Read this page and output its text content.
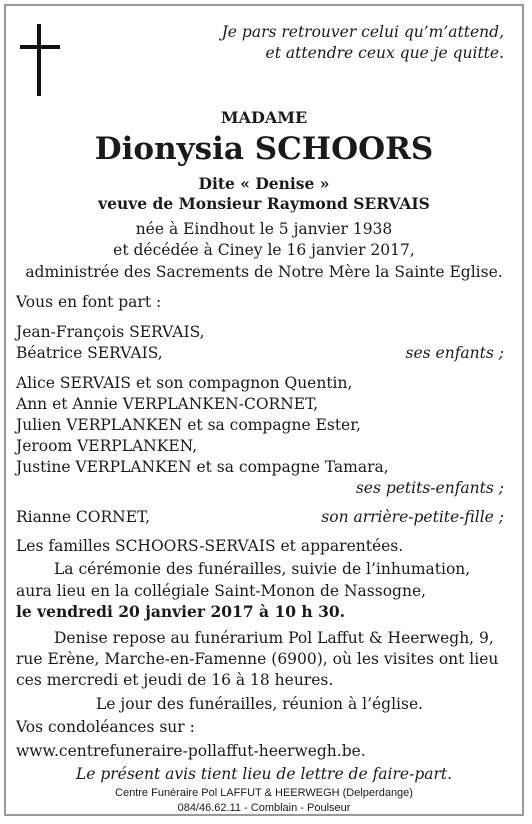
Je pars retrouver celui qu’m’attend,
et attendre ceux que je quitte.
MADAME
Dionysia SCHOORS
Dite « Denise »
veuve de Monsieur Raymond SERVAIS
née à Eindhout le 5 janvier 1938
et décédée à Ciney le 16 janvier 2017,
administrée des Sacrements de Notre Mère la Sainte Eglise.
Vous en font part :
Jean-François SERVAIS,
Béatrice SERVAIS,	ses enfants ;
Alice SERVAIS et son compagnon Quentin,
Ann et Annie VERPLANKEN-CORNET,
Julien VERPLANKEN et sa compagne Ester,
Jeroom VERPLANKEN,
Justine VERPLANKEN et sa compagne Tamara,
ses petits-enfants ;
Rianne CORNET,	son arrière-petite-fille ;
Les familles SCHOORS-SERVAIS et apparentées.
La cérémonie des funérailles, suivie de l’inhumation,
aura lieu en la collégiale Saint-Monon de Nassogne,
le vendredi 20 janvier 2017 à 10 h 30.
Denise repose au funérarium Pol Laffut & Heerwegh, 9,
rue Erène, Marche-en-Famenne (6900), où les visites ont lieu
ces mercredi et jeudi de 16 à 18 heures.
Le jour des funérailles, réunion à l’église.
Vos condoléances sur :
www.centrefuneraire-pollaffut-heerwegh.be.
Le présent avis tient lieu de lettre de faire-part.
Centre Funéraire Pol LAFFUT & HEERWEGH (Delperdange)
084/46.62.11 - Comblain - Poulseur
